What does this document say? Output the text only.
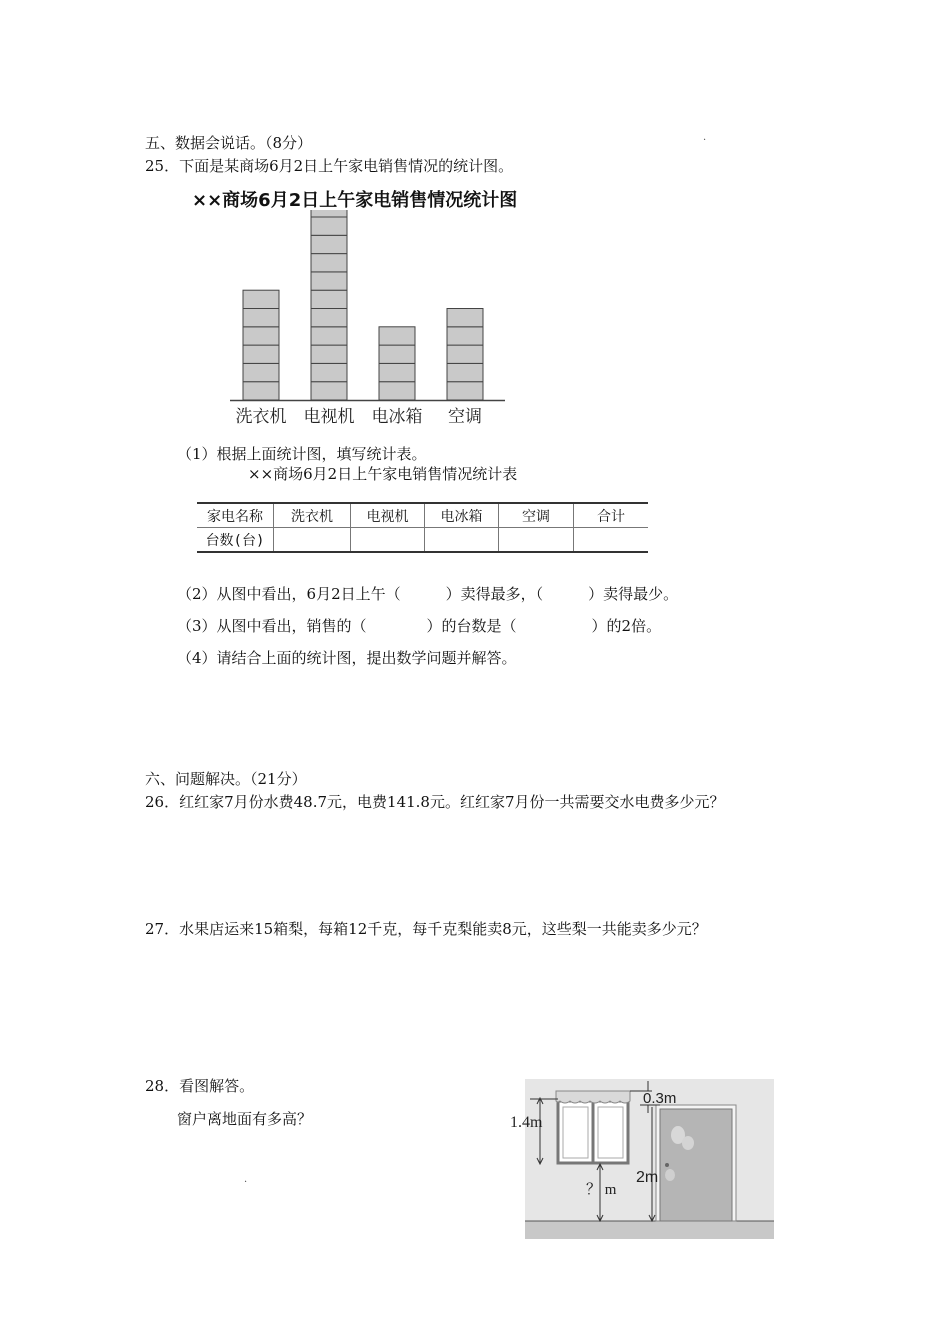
五、数据会说话。（8分）	·
25．下面是某商场6月2日上午家电销售情况的统计图。
××商场6月2日上午家电销售情况统计图
洗衣机 电视机 电冰箱 空调
（1）根据上面统计图，填写统计表。
××商场6月2日上午家电销售情况统计表
家电名称	洗衣机	电视机	电冰箱	空调	合计
台数(台)					
（2）从图中看出，6月2日上午（　　　）卖得最多，（　　　）卖得最少。
（3）从图中看出，销售的（　　　　）的台数是（　　　　　）的2倍。
（4）请结合上面的统计图，提出数学问题并解答。
六、问题解决。（21分）
26．红红家7月份水费48.7元，电费141.8元。红红家7月份一共需要交水电费多少元？
27．水果店运来15箱梨，每箱12千克，每千克梨能卖8元，这些梨一共能卖多少元？
28．看图解答。
窗户离地面有多高？
·
1.4m
？ m
0.3m
2m
